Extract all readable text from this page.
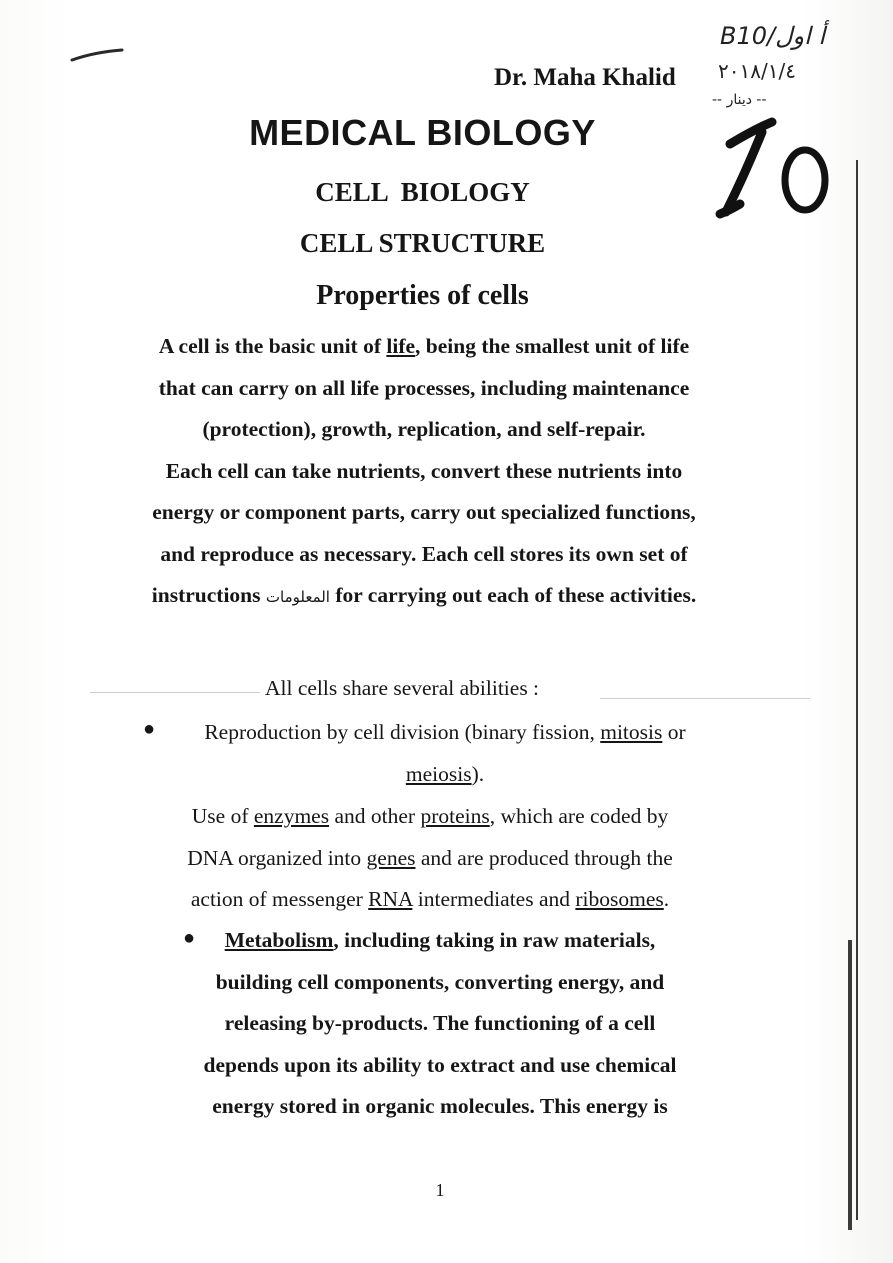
B10/أ اول
٢٠١٨/١/٤
-- دينار --
Dr. Maha Khalid
MEDICAL BIOLOGY
CELL  BIOLOGY
CELL STRUCTURE
Properties of cells
A cell is the basic unit of life, being the smallest unit of life
that can carry on all life processes, including maintenance
(protection), growth, replication, and self-repair.
Each cell can take nutrients, convert these nutrients into
energy or component parts, carry out specialized functions,
and reproduce as necessary. Each cell stores its own set of
instructions المعلومات for carrying out each of these activities.
All cells share several abilities :
●	Reproduction by cell division (binary fission, mitosis or
meiosis).
Use of enzymes and other proteins, which are coded by
DNA organized into genes and are produced through the
action of messenger RNA intermediates and ribosomes.
●	Metabolism, including taking in raw materials,
building cell components, converting energy, and
releasing by-products. The functioning of a cell
depends upon its ability to extract and use chemical
energy stored in organic molecules. This energy is
1
